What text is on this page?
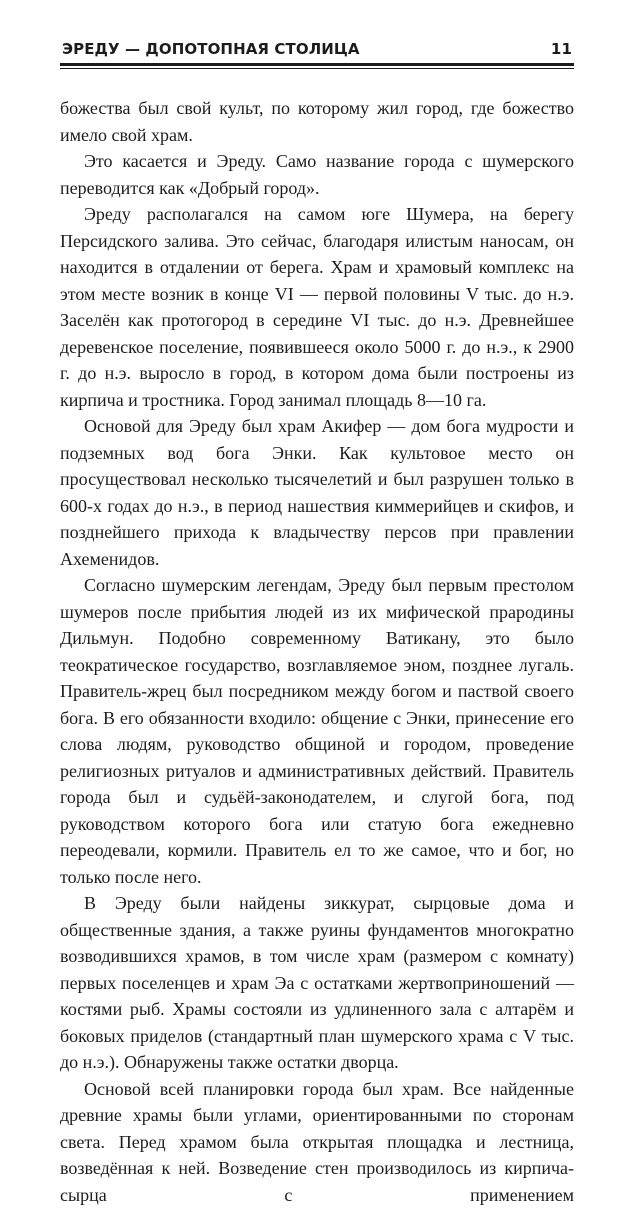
ЭРЕДУ — ДОПОТОПНАЯ СТОЛИЦА	11

божества был свой культ, по которому жил город, где божество имело свой храм.

Это касается и Эреду. Само название города с шумерского переводится как «Добрый город».

Эреду располагался на самом юге Шумера, на берегу Персидского залива. Это сейчас, благодаря илистым наносам, он находится в отдалении от берега. Храм и храмовый комплекс на этом месте возник в конце VI — первой половины V тыс. до н.э. Заселён как протогород в середине VI тыс. до н.э. Древнейшее деревенское поселение, появившееся около 5000 г. до н.э., к 2900 г. до н.э. выросло в город, в котором дома были построены из кирпича и тростника. Город занимал площадь 8—10 га.

Основой для Эреду был храм Акифер — дом бога мудрости и подземных вод бога Энки. Как культовое место он просуществовал несколько тысячелетий и был разрушен только в 600-х годах до н.э., в период нашествия киммерийцев и скифов, и позднейшего прихода к владычеству персов при правлении Ахеменидов.

Согласно шумерским легендам, Эреду был первым престолом шумеров после прибытия людей из их мифической прародины Дильмун. Подобно современному Ватикану, это было теократическое государство, возглавляемое эном, позднее лугаль. Правитель-жрец был посредником между богом и паствой своего бога. В его обязанности входило: общение с Энки, принесение его слова людям, руководство общиной и городом, проведение религиозных ритуалов и административных действий. Правитель города был и судьёй-законодателем, и слугой бога, под руководством которого бога или статую бога ежедневно переодевали, кормили. Правитель ел то же самое, что и бог, но только после него.

В Эреду были найдены зиккурат, сырцовые дома и общественные здания, а также руины фундаментов многократно возводившихся храмов, в том числе храм (размером с комнату) первых поселенцев и храм Эа с остатками жертвоприношений — костями рыб. Храмы состояли из удлиненного зала с алтарём и боковых приделов (стандартный план шумерского храма с V тыс. до н.э.). Обнаружены также остатки дворца.

Основой всей планировки города был храм. Все найденные древние храмы были углами, ориентированными по сторонам света. Перед храмом была открытая площадка и лестница, возведённая к ней. Возведение стен производилось из кирпича-сырца с применением
